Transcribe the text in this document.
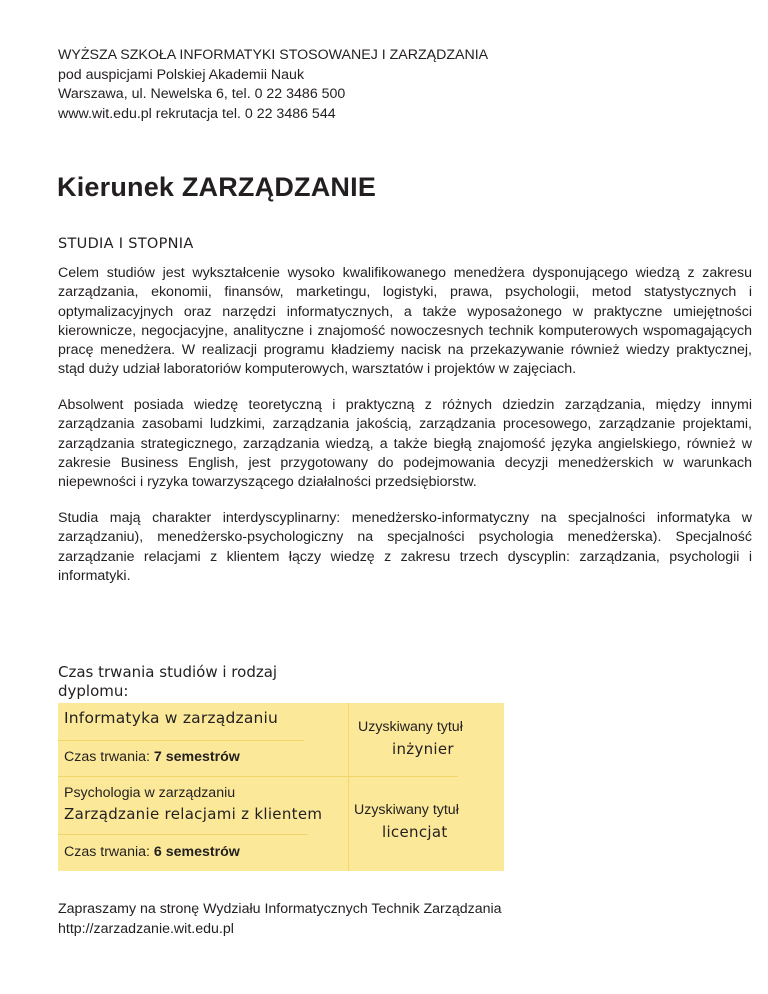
WYŻSZA SZKOŁA INFORMATYKI STOSOWANEJ I ZARZĄDZANIA
pod auspicjami Polskiej Akademii Nauk
Warszawa, ul. Newelska 6, tel. 0 22 3486 500
www.wit.edu.pl rekrutacja tel. 0 22 3486 544
Kierunek ZARZĄDZANIE
STUDIA I STOPNIA

Celem studiów jest wykształcenie wysoko kwalifikowanego menedżera dysponującego wiedzą z zakresu zarządzania, ekonomii, finansów, marketingu, logistyki, prawa, psychologii, metod statystycznych i optymalizacyjnych oraz narzędzi informatycznych, a także wyposażonego w praktyczne umiejętności kierownicze, negocjacyjne, analityczne i znajomość nowoczesnych technik komputerowych wspomagających pracę menedżera. W realizacji programu kładziemy nacisk na przekazywanie również wiedzy praktycznej, stąd duży udział laboratoriów komputerowych, warsztatów i projektów w zajęciach.

Absolwent posiada wiedzę teoretyczną i praktyczną z różnych dziedzin zarządzania, między innymi zarządzania zasobami ludzkimi, zarządzania jakością, zarządzania procesowego, zarządzanie projektami, zarządzania strategicznego, zarządzania wiedzą, a także biegłą znajomość języka angielskiego, również w zakresie Business English, jest przygotowany do podejmowania decyzji menedżerskich w warunkach niepewności i ryzyka towarzyszącego działalności przedsiębiorstw.

Studia mają charakter interdyscyplinarny: menedżersko-informatyczny na specjalności informatyka w zarządzaniu), menedżersko-psychologiczny na specjalności psychologia menedżerska). Specjalność zarządzanie relacjami z klientem łączy wiedzę z zakresu trzech dyscyplin: zarządzania, psychologii i informatyki.

Czas trwania studiów i rodzaj dyplomu:
Informatyka w zarządzaniu
Czas trwania: 7 semestrów
Psychologia w zarządzaniu
Zarządzanie relacjami z klientem
Czas trwania: 6 semestrów
Uzyskiwany tytuł
inżynier
Uzyskiwany tytuł
licencjat
Zapraszamy na stronę Wydziału Informatycznych Technik Zarządzania
http://zarzadzanie.wit.edu.pl
